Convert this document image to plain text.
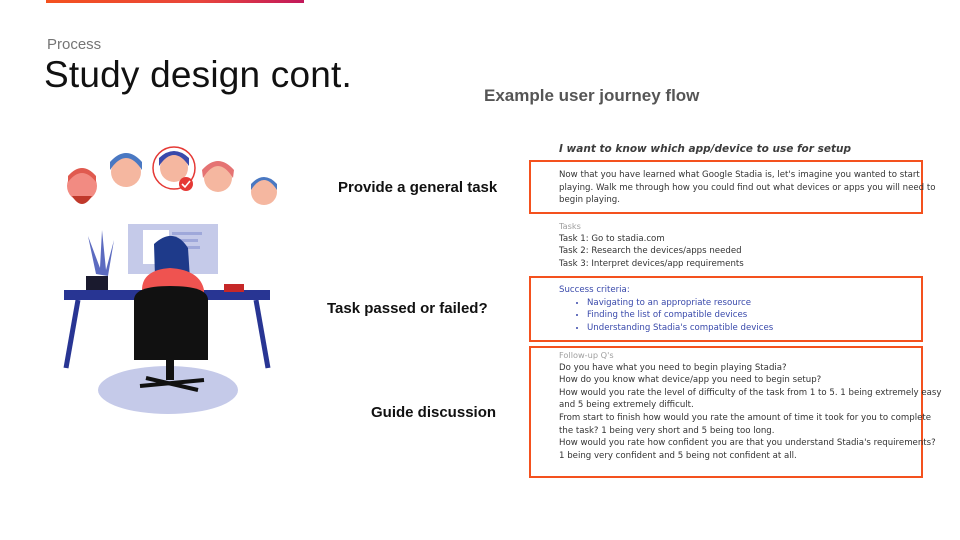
Process
Study design cont.
Example user journey flow
Provide a general task
Task passed or failed?
Guide discussion
I want to know which app/device to use for setup
Now that you have learned what Google Stadia is, let's imagine you wanted to start
playing. Walk me through how you could find out what devices or apps you will need to
begin playing.
Tasks
Task 1: Go to stadia.com
Task 2: Research the devices/apps needed
Task 3: Interpret devices/app requirements
Success criteria:
• Navigating to an appropriate resource
• Finding the list of compatible devices
• Understanding Stadia's compatible devices
Follow-up Q's
Do you have what you need to begin playing Stadia?
How do you know what device/app you need to begin setup?
How would you rate the level of difficulty of the task from 1 to 5. 1 being extremely easy
and 5 being extremely difficult.
From start to finish how would you rate the amount of time it took for you to complete
the task? 1 being very short and 5 being too long.
How would you rate how confident you are that you understand Stadia's requirements?
1 being very confident and 5 being not confident at all.
